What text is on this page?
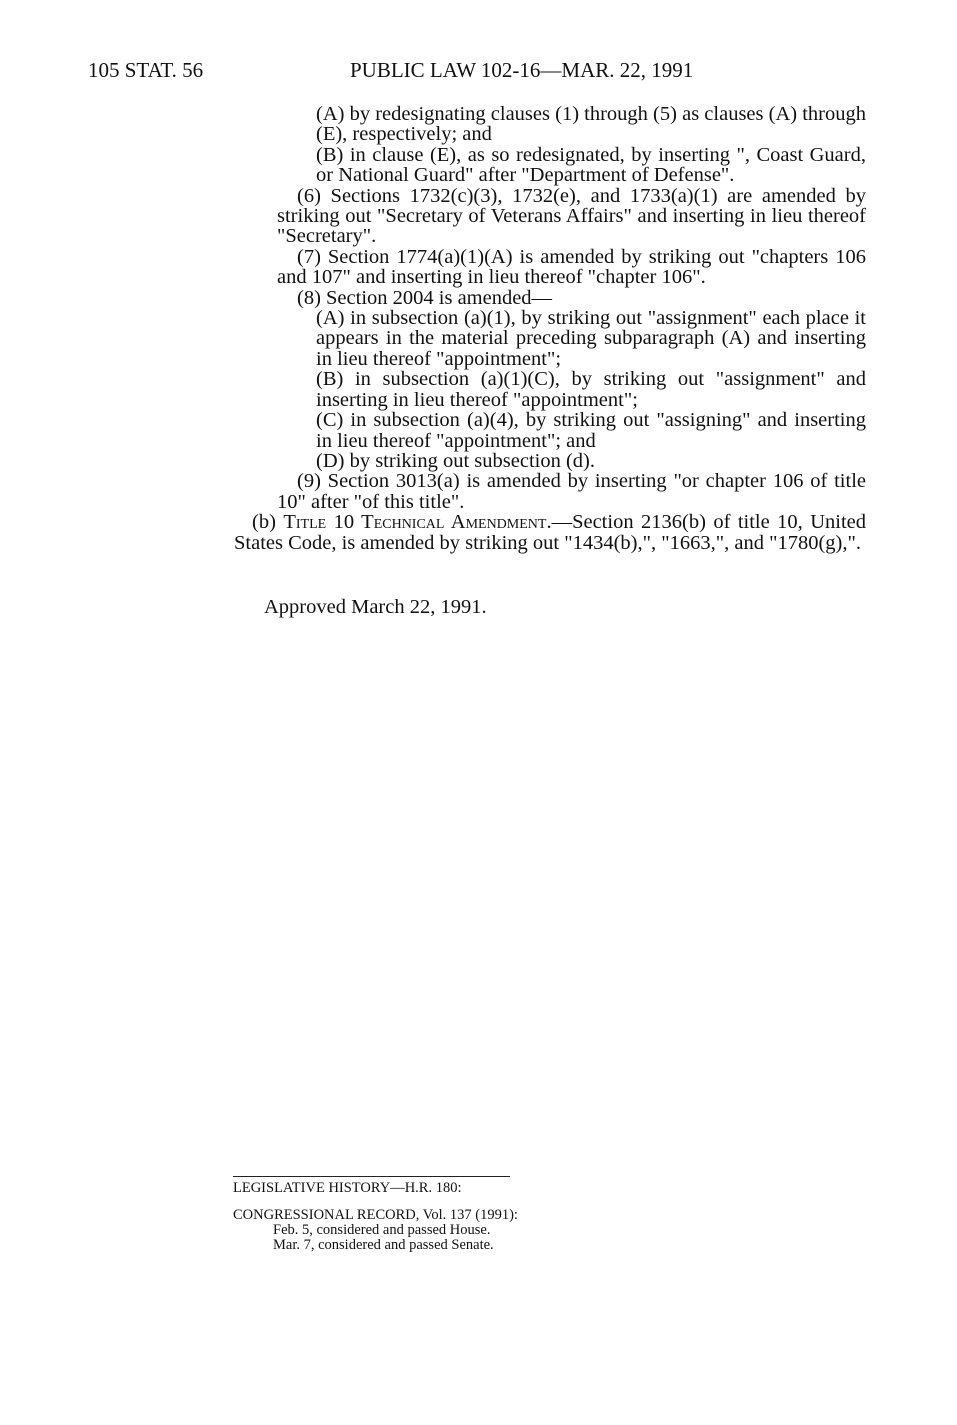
105 STAT. 56	PUBLIC LAW 102-16—MAR. 22, 1991

(A) by redesignating clauses (1) through (5) as clauses (A) through (E), respectively; and

(B) in clause (E), as so redesignated, by inserting ", Coast Guard, or National Guard" after "Department of Defense".

(6) Sections 1732(c)(3), 1732(e), and 1733(a)(1) are amended by striking out "Secretary of Veterans Affairs" and inserting in lieu thereof "Secretary".

(7) Section 1774(a)(1)(A) is amended by striking out "chapters 106 and 107" and inserting in lieu thereof "chapter 106".

(8) Section 2004 is amended—

(A) in subsection (a)(1), by striking out "assignment" each place it appears in the material preceding subparagraph (A) and inserting in lieu thereof "appointment";

(B) in subsection (a)(1)(C), by striking out "assignment" and inserting in lieu thereof "appointment";

(C) in subsection (a)(4), by striking out "assigning" and inserting in lieu thereof "appointment"; and

(D) by striking out subsection (d).

(9) Section 3013(a) is amended by inserting "or chapter 106 of title 10" after "of this title".

(b) Title 10 Technical Amendment.—Section 2136(b) of title 10, United States Code, is amended by striking out "1434(b),", "1663,", and "1780(g),".

Approved March 22, 1991.

LEGISLATIVE HISTORY—H.R. 180:

CONGRESSIONAL RECORD, Vol. 137 (1991):

Feb. 5, considered and passed House.

Mar. 7, considered and passed Senate.
